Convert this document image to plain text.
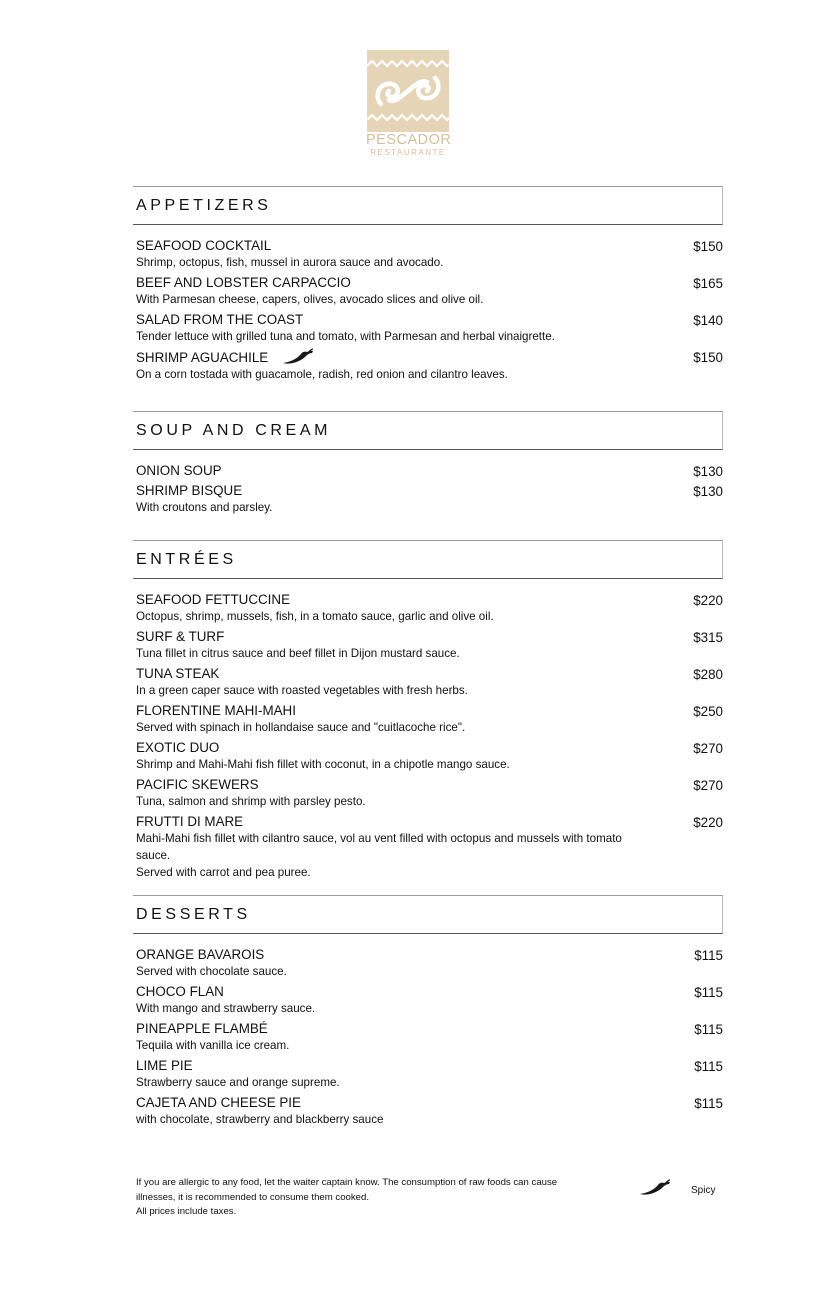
PESCADOR
RESTAURANTE
APPETIZERS
SEAFOOD COCKTAIL
Shrimp, octopus, fish, mussel in aurora sauce and avocado.
$150
BEEF AND LOBSTER CARPACCIO
With Parmesan cheese, capers, olives, avocado slices and olive oil.
$165
SALAD FROM THE COAST
Tender lettuce with grilled tuna and tomato, with Parmesan and herbal vinaigrette.
$140
SHRIMP AGUACHILE
On a corn tostada with guacamole, radish, red onion and cilantro leaves.
$150
SOUP AND CREAM
ONION SOUP	$130
SHRIMP BISQUE
With croutons and parsley.
$130
ENTRÉES
SEAFOOD FETTUCCINE
Octopus, shrimp, mussels, fish, in a tomato sauce, garlic and olive oil.
$220
SURF & TURF
Tuna fillet in citrus sauce and beef fillet in Dijon mustard sauce.
$315
TUNA STEAK
In a green caper sauce with roasted vegetables with fresh herbs.
$280
FLORENTINE MAHI-MAHI
Served with spinach in hollandaise sauce and "cuitlacoche rice".
$250
EXOTIC DUO
Shrimp and Mahi-Mahi fish fillet with coconut, in a chipotle mango sauce.
$270
PACIFIC SKEWERS
Tuna, salmon and shrimp with parsley pesto.
$270
FRUTTI DI MARE
Mahi-Mahi fish fillet with cilantro sauce, vol au vent filled with octopus and mussels with tomato sauce.
Served with carrot and pea puree.
$220
DESSERTS
ORANGE BAVAROIS
Served with chocolate sauce.
$115
CHOCO FLAN
With mango and strawberry sauce.
$115
PINEAPPLE FLAMBÉ
Tequila with vanilla ice cream.
$115
LIME PIE
Strawberry sauce and orange supreme.
$115
CAJETA AND CHEESE PIE
with chocolate, strawberry and blackberry sauce
$115
If you are allergic to any food, let the waiter captain know. The consumption of raw foods can cause illnesses, it is recommended to consume them cooked.
All prices include taxes.
Spicy
